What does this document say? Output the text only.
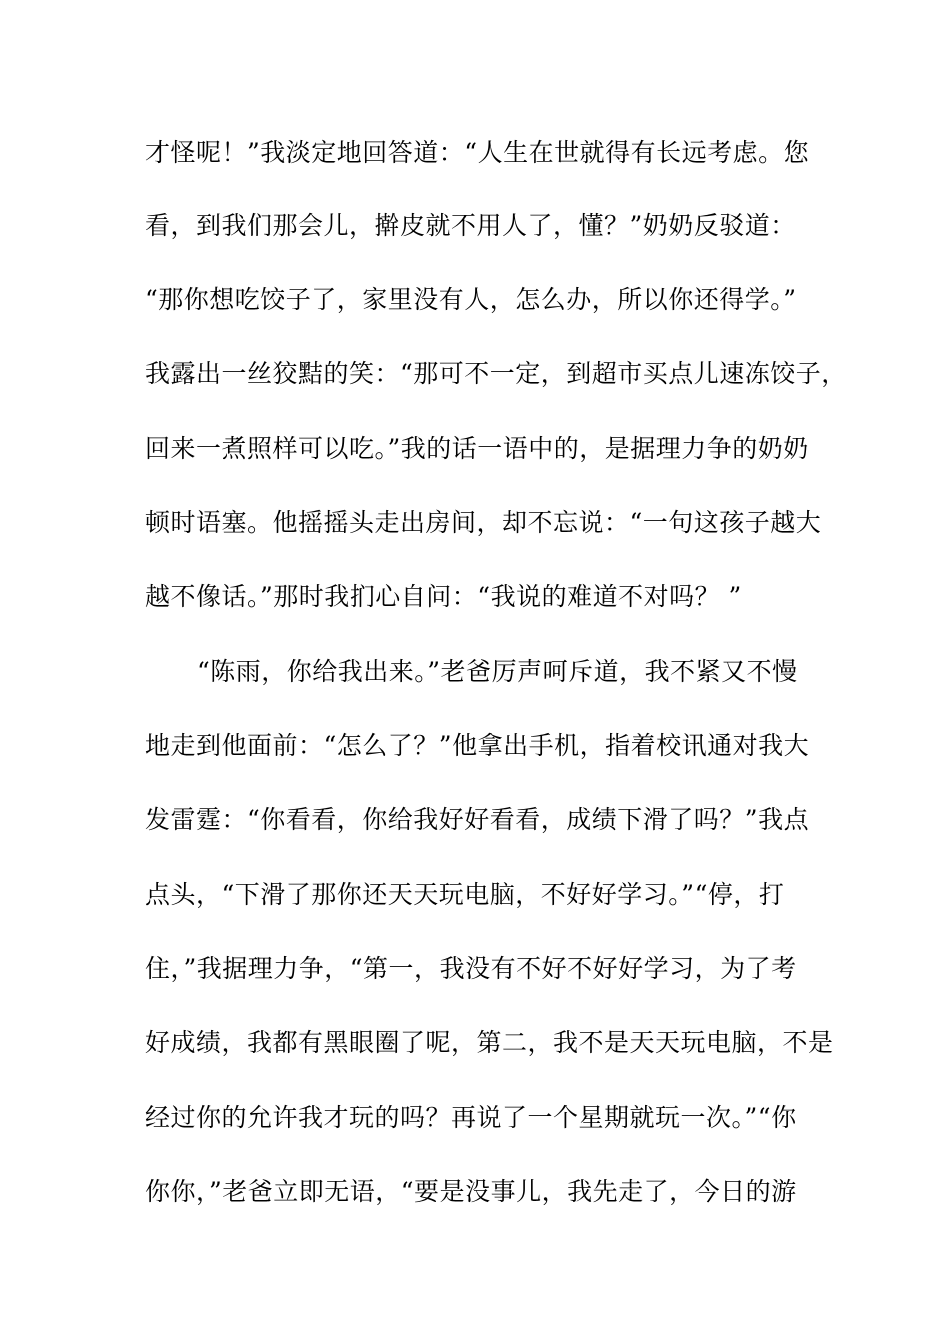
才怪呢！”我淡定地回答道：“人生在世就得有长远考虑。您
看，到我们那会儿，擀皮就不用人了，懂？”奶奶反驳道：
“那你想吃饺子了，家里没有人，怎么办，所以你还得学。”
我露出一丝狡黠的笑：“那可不一定，到超市买点儿速冻饺子，
回来一煮照样可以吃。”我的话一语中的，是据理力争的奶奶
顿时语塞。他摇摇头走出房间，却不忘说：“一句这孩子越大
越不像话。”那时我扪心自问：“我说的难道不对吗？ ”
“陈雨，你给我出来。”老爸厉声呵斥道，我不紧又不慢
地走到他面前：“怎么了？”他拿出手机，指着校讯通对我大
发雷霆：“你看看，你给我好好看看，成绩下滑了吗？”我点
点头，“下滑了那你还天天玩电脑，不好好学习。”“停，打
住，”我据理力争，“第一，我没有不好不好好学习，为了考
好成绩，我都有黑眼圈了呢，第二，我不是天天玩电脑，不是
经过你的允许我才玩的吗？再说了一个星期就玩一次。”“你
你你，”老爸立即无语，“要是没事儿，我先走了，今日的游
